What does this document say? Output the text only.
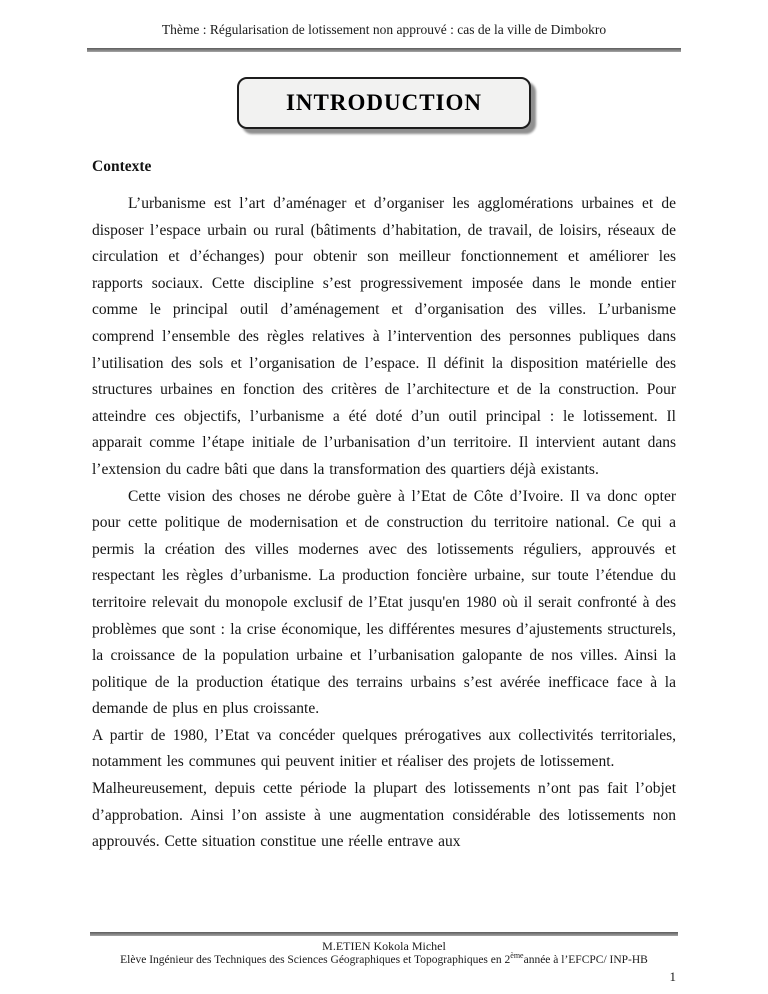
Thème : Régularisation de lotissement non approuvé : cas de la ville de Dimbokro
INTRODUCTION
Contexte

L’urbanisme est l’art d’aménager et d’organiser les agglomérations urbaines et de disposer l’espace urbain ou rural (bâtiments d’habitation, de travail, de loisirs, réseaux de circulation et d’échanges) pour obtenir son meilleur fonctionnement et améliorer les rapports sociaux. Cette discipline s’est progressivement imposée dans le monde entier comme le principal outil d’aménagement et d’organisation des villes. L’urbanisme comprend l’ensemble des règles relatives à l’intervention des personnes publiques dans l’utilisation des sols et l’organisation de l’espace. Il définit la disposition matérielle des structures urbaines en fonction des critères de l’architecture et de la construction. Pour atteindre ces objectifs, l’urbanisme a été doté d’un outil principal : le lotissement. Il apparait comme l’étape initiale de l’urbanisation d’un territoire. Il intervient autant dans l’extension du cadre bâti que dans la transformation des quartiers déjà existants.

Cette vision des choses ne dérobe guère à l’Etat de Côte d’Ivoire. Il va donc opter pour cette politique de modernisation et de construction du territoire national. Ce qui a permis la création des villes modernes avec des lotissements réguliers, approuvés et respectant les règles d’urbanisme. La production foncière urbaine, sur toute l’étendue du territoire relevait du monopole exclusif de l’Etat jusqu'en 1980 où il serait confronté à des problèmes que sont : la crise économique, les différentes mesures d’ajustements structurels, la croissance de la population urbaine et l’urbanisation galopante de nos villes. Ainsi la politique de la production étatique des terrains urbains s’est avérée inefficace face à la demande de plus en plus croissante.

A partir de 1980, l’Etat va concéder quelques prérogatives aux collectivités territoriales, notamment les communes qui peuvent initier et réaliser des projets de lotissement.

Malheureusement, depuis cette période la plupart des lotissements n’ont pas fait l’objet d’approbation. Ainsi l’on assiste à une augmentation considérable des lotissements non approuvés. Cette situation constitue une réelle entrave aux

M.ETIEN Kokola Michel
Elève Ingénieur des Techniques des Sciences Géographiques et Topographiques en 2èmeannée à l’EFCPC/ INP-HB
1
